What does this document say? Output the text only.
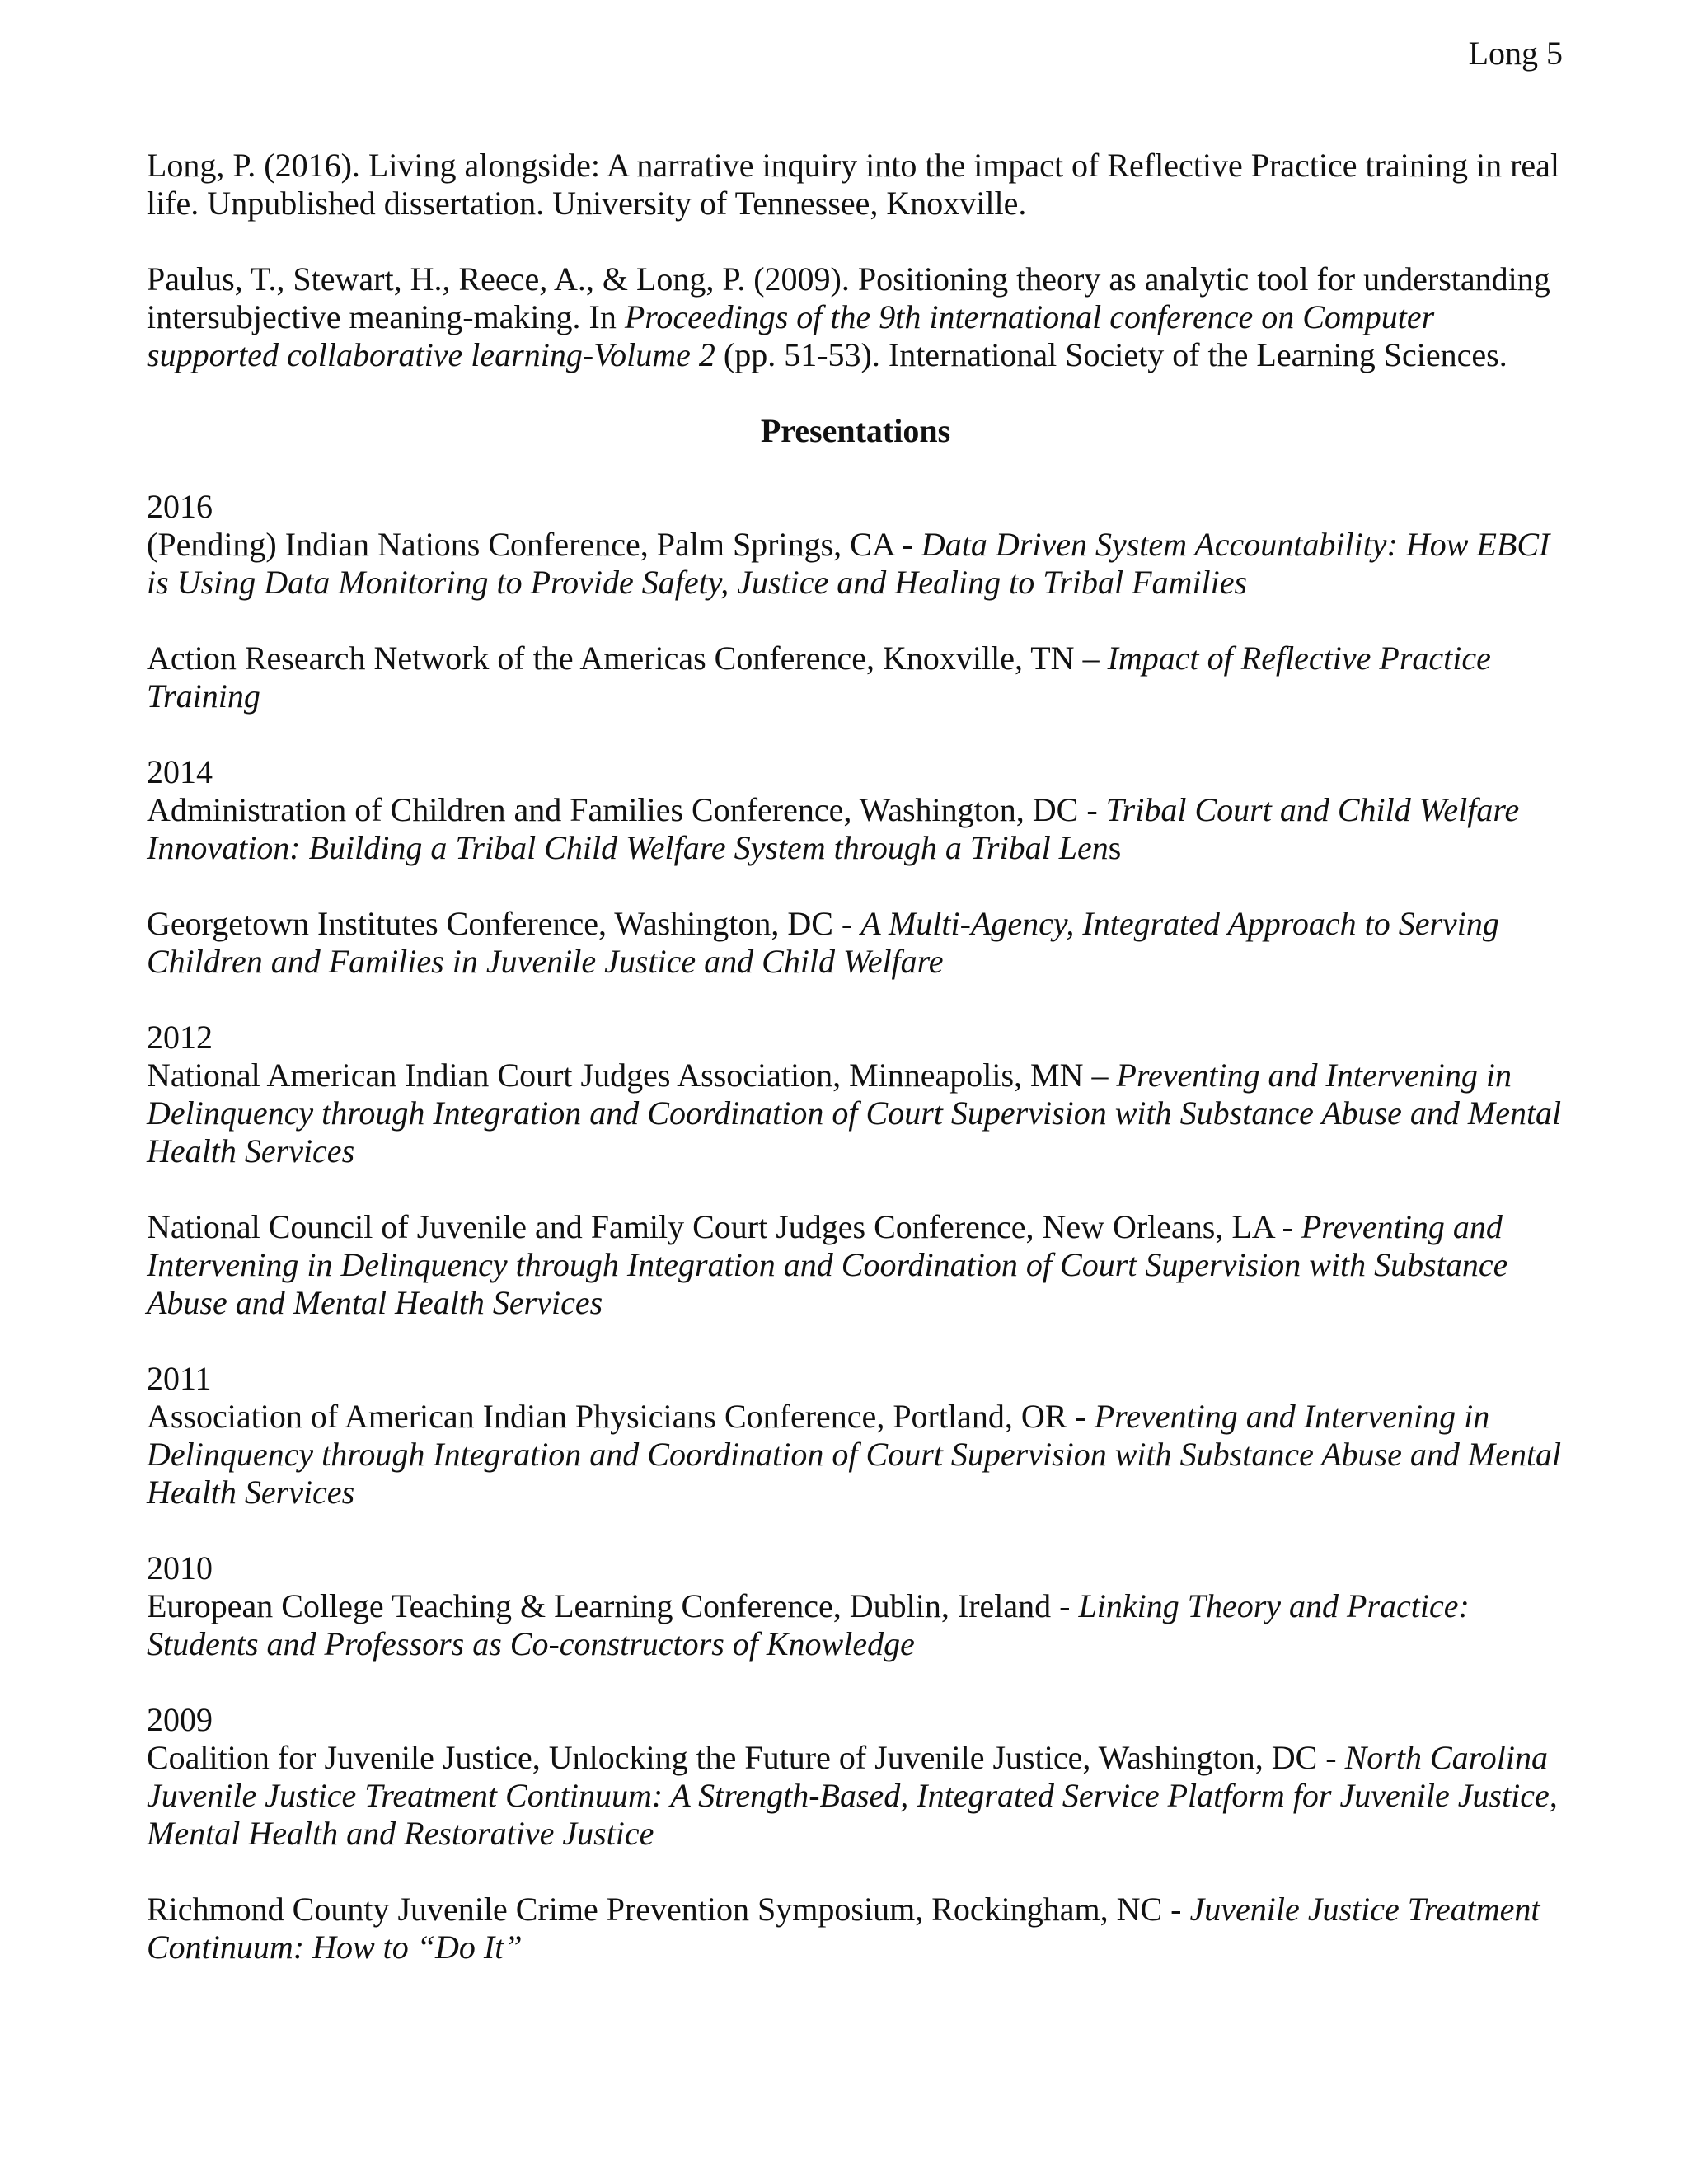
Long 5
Long, P. (2016). Living alongside: A narrative inquiry into the impact of Reflective Practice training in real life. Unpublished dissertation. University of Tennessee, Knoxville.
Paulus, T., Stewart, H., Reece, A., & Long, P. (2009). Positioning theory as analytic tool for understanding intersubjective meaning-making. In Proceedings of the 9th international conference on Computer supported collaborative learning-Volume 2 (pp. 51-53). International Society of the Learning Sciences.
Presentations
2016
(Pending) Indian Nations Conference, Palm Springs, CA - Data Driven System Accountability: How EBCI is Using Data Monitoring to Provide Safety, Justice and Healing to Tribal Families
Action Research Network of the Americas Conference, Knoxville, TN – Impact of Reflective Practice Training
2014
Administration of Children and Families Conference, Washington, DC - Tribal Court and Child Welfare Innovation: Building a Tribal Child Welfare System through a Tribal Lens
Georgetown Institutes Conference, Washington, DC - A Multi-Agency, Integrated Approach to Serving Children and Families in Juvenile Justice and Child Welfare
2012
National American Indian Court Judges Association, Minneapolis, MN – Preventing and Intervening in Delinquency through Integration and Coordination of Court Supervision with Substance Abuse and Mental Health Services
National Council of Juvenile and Family Court Judges Conference, New Orleans, LA - Preventing and Intervening in Delinquency through Integration and Coordination of Court Supervision with Substance Abuse and Mental Health Services
2011
Association of American Indian Physicians Conference, Portland, OR - Preventing and Intervening in Delinquency through Integration and Coordination of Court Supervision with Substance Abuse and Mental Health Services
2010
European College Teaching & Learning Conference, Dublin, Ireland - Linking Theory and Practice: Students and Professors as Co-constructors of Knowledge
2009
Coalition for Juvenile Justice, Unlocking the Future of Juvenile Justice, Washington, DC - North Carolina Juvenile Justice Treatment Continuum: A Strength-Based, Integrated Service Platform for Juvenile Justice, Mental Health and Restorative Justice
Richmond County Juvenile Crime Prevention Symposium, Rockingham, NC - Juvenile Justice Treatment Continuum: How to “Do It”
